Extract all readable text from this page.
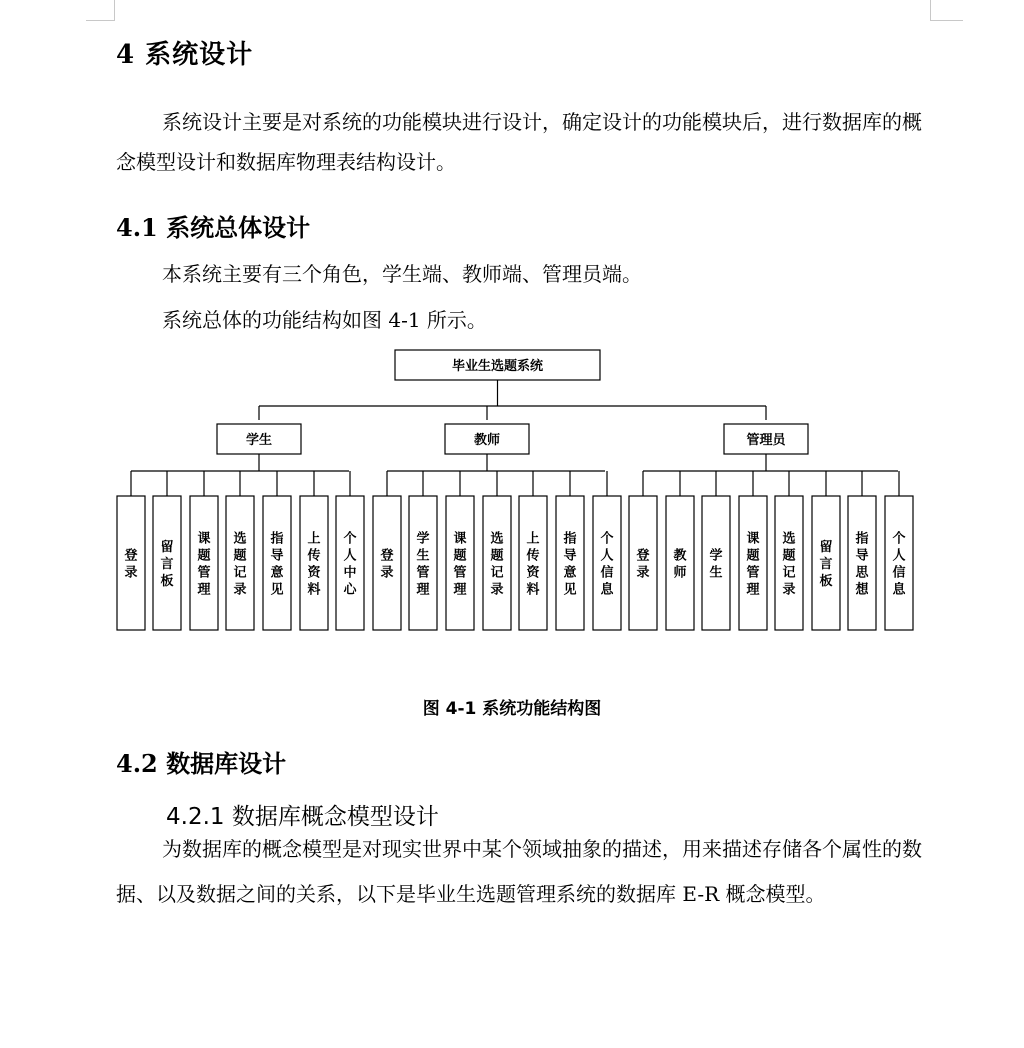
4 系统设计
系统设计主要是对系统的功能模块进行设计，确定设计的功能模块后，进行数据库的概念模型设计和数据库物理表结构设计。
4.1 系统总体设计
本系统主要有三个角色，学生端、教师端、管理员端。
系统总体的功能结构如图 4-1 所示。
毕业生选题系统
学生
登录
留言板
课题管理
选题记录
指导意见
上传资料
个人中心
教师
登录
学生管理
课题管理
选题记录
上传资料
指导意见
个人信息
管理员
登录
教师
学生
课题管理
选题记录
留言板
指导思想
个人信息
图 4-1 系统功能结构图
4.2 数据库设计
4.2.1 数据库概念模型设计
为数据库的概念模型是对现实世界中某个领域抽象的描述，用来描述存储各个属性的数据、以及数据之间的关系，以下是毕业生选题管理系统的数据库 E-R 概念模型。
